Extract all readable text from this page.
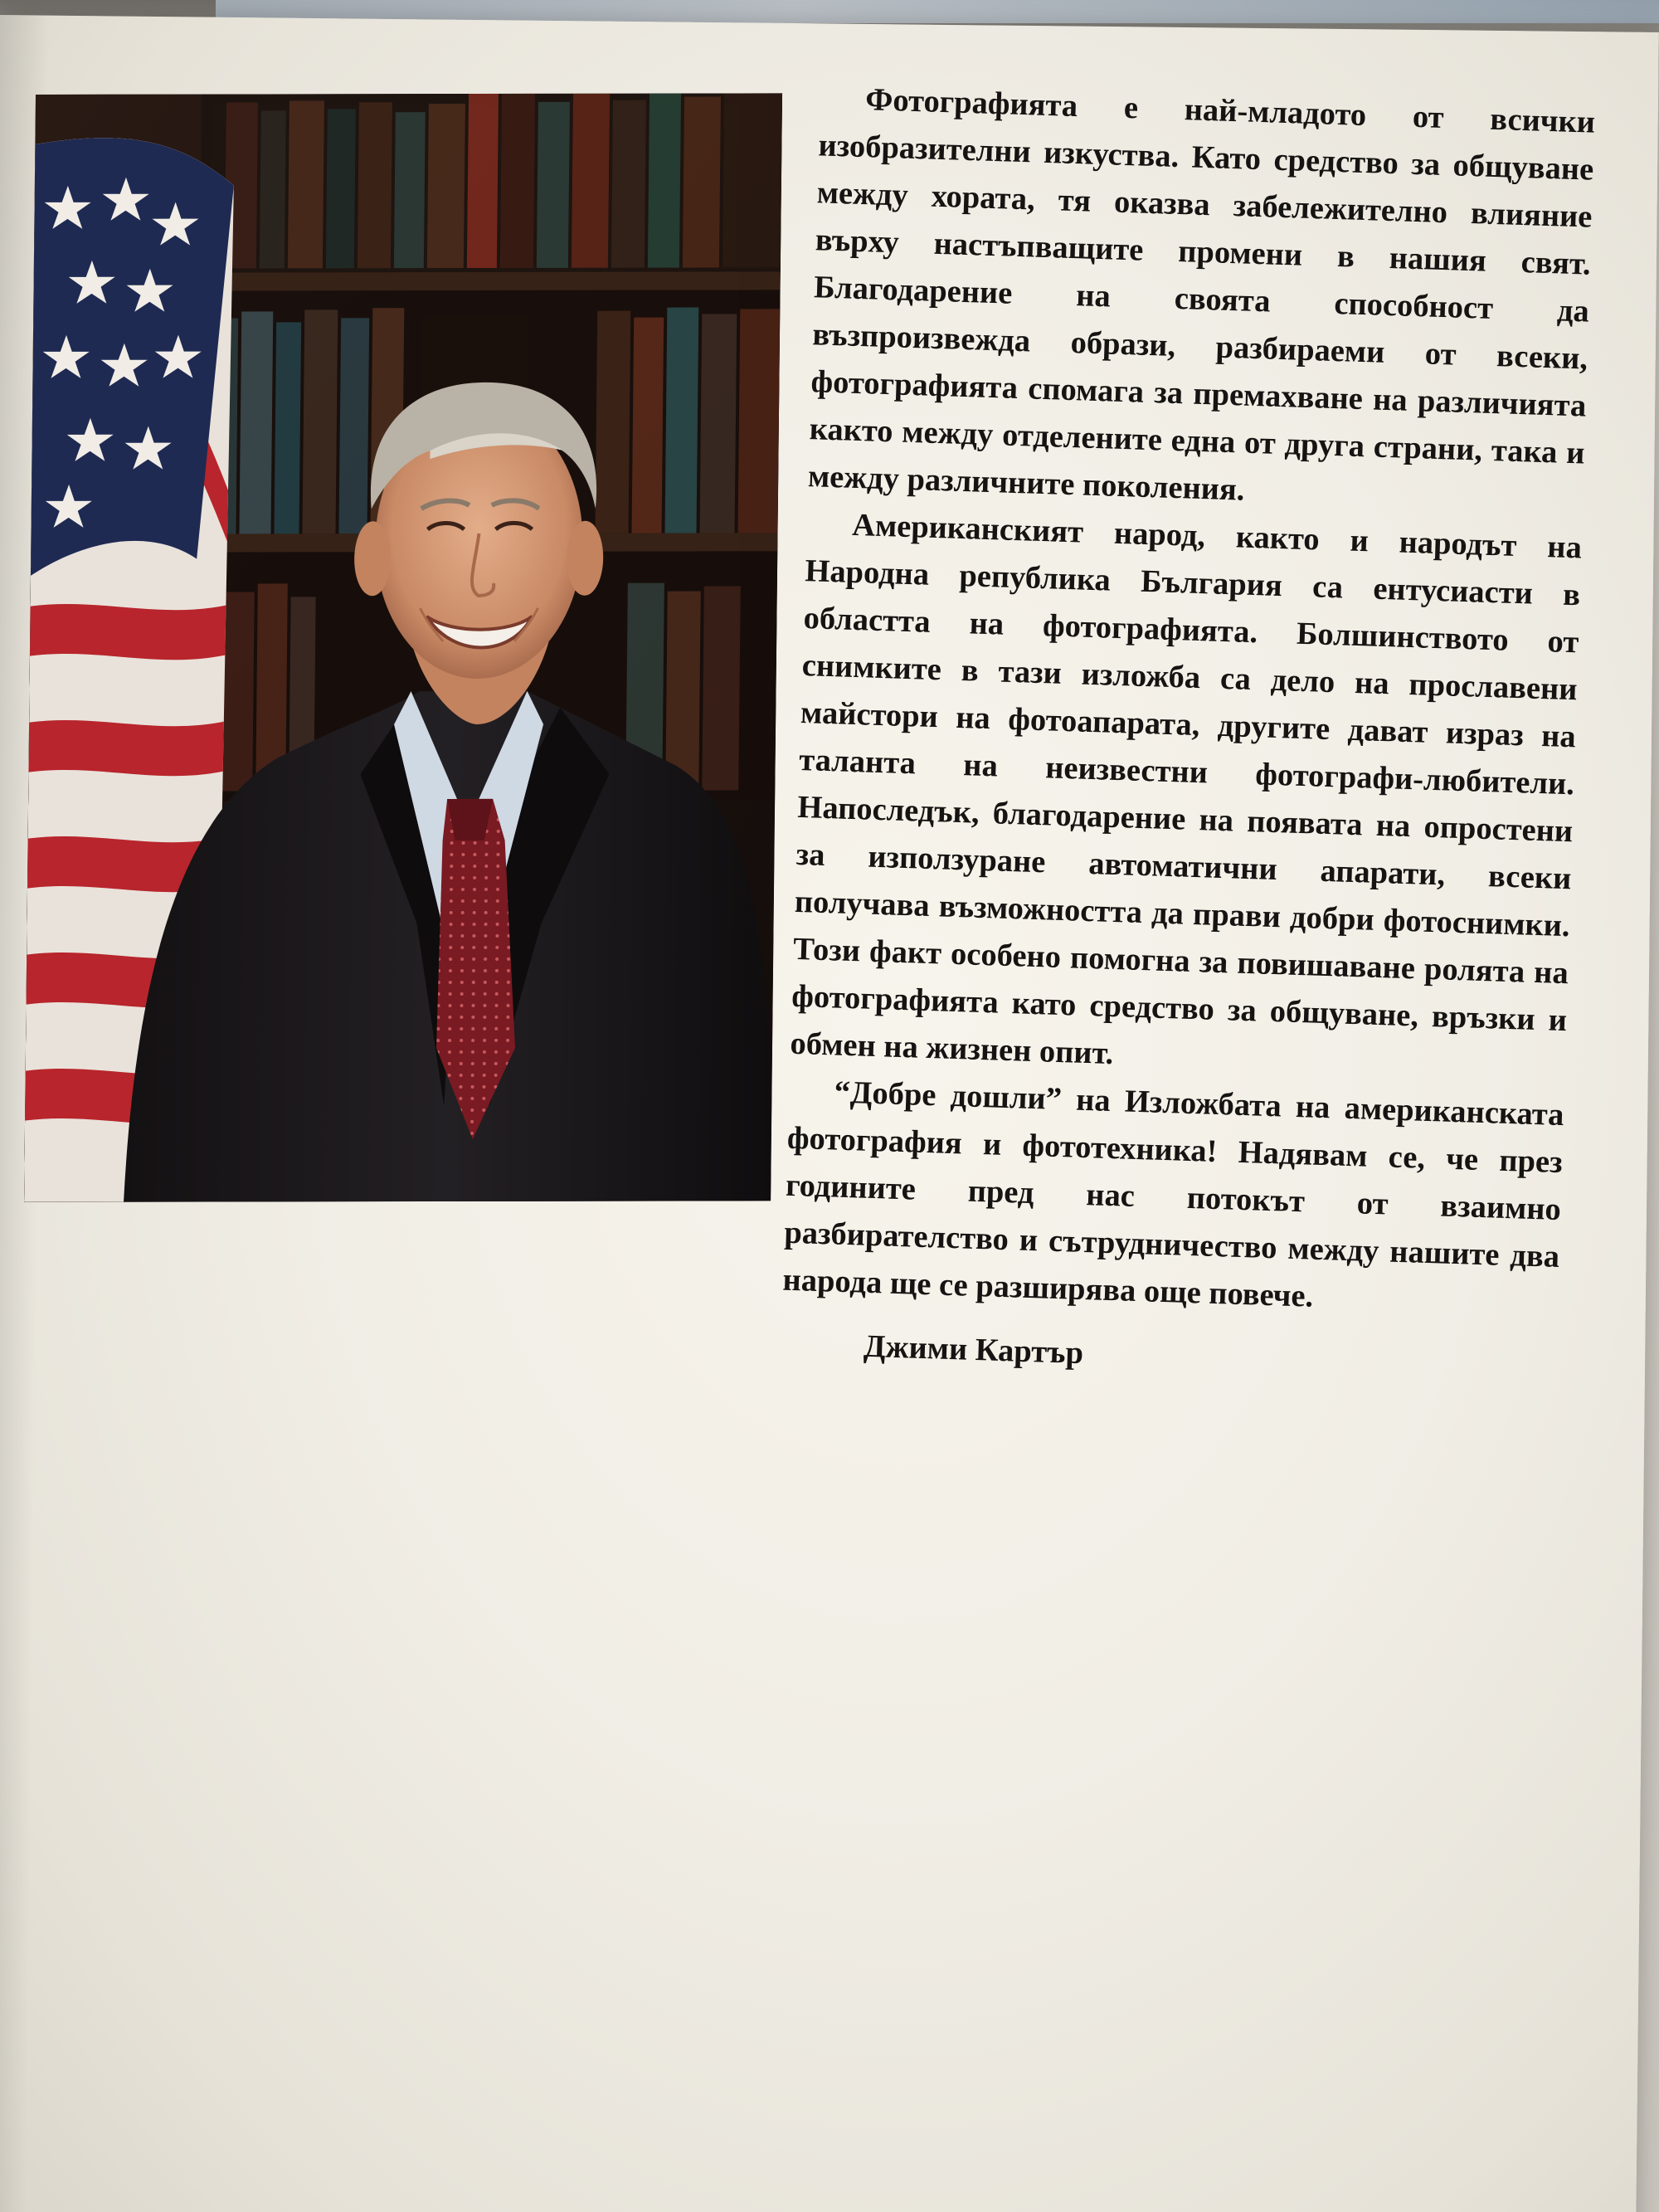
Фотографията е най-младото от всички изобразителни изкуства. Като средство за общуване между хората, тя оказва забележително влияние върху настъпващите промени в нашия свят. Благодарение на своята способност да възпроизвежда образи, разбираеми от всеки, фотографията спомага за премахване на различията както между отделените една от друга страни, така и между различните поколения.

Американският народ, както и народът на Народна република България са ентусиасти в областта на фотографията. Болшинството от снимките в тази изложба са дело на прославени майстори на фотоапарата, другите дават израз на таланта на неизвестни фотографи-любители. Напоследък, благодарение на появата на опростени за използуране автоматични апарати, всеки получава възможността да прави добри фотоснимки. Този факт особено помогна за повишаване ролята на фотографията като средство за общуване, връзки и обмен на жизнен опит.

“Добре дошли” на Изложбата на американската фотография и фототехника! Надявам се, че през годините пред нас потокът от взаимно разбирателство и сътрудничество между нашите два народа ще се разширява още повече.

Джими Картър
